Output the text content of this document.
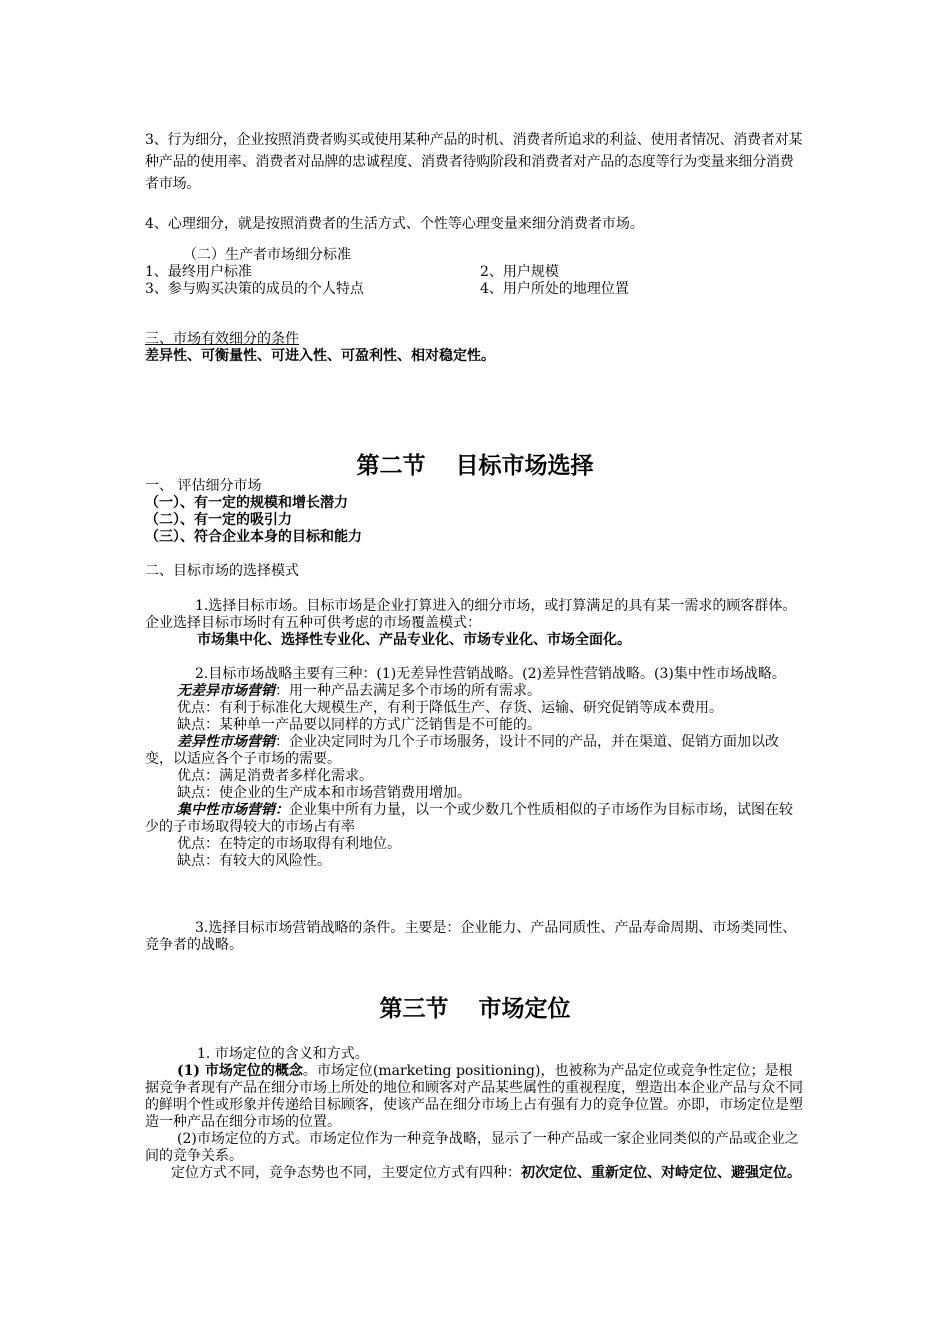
3、行为细分，企业按照消费者购买或使用某种产品的时机、消费者所追求的利益、使用者情况、消费者对某种产品的使用率、消费者对品牌的忠诚程度、消费者待购阶段和消费者对产品的态度等行为变量来细分消费者市场。

4、心理细分，就是按照消费者的生活方式、个性等心理变量来细分消费者市场。

（二）生产者市场细分标准

1、最终用户标准	2、用户规模
3、参与购买决策的成员的个人特点	4、用户所处的地理位置

三、市场有效细分的条件

差异性、可衡量性、可进入性、可盈利性、相对稳定性。

第二节 目标市场选择

一、 评估细分市场

（一）、有一定的规模和增长潜力

（二）、有一定的吸引力

（三）、符合企业本身的目标和能力

二、目标市场的选择模式

1.选择目标市场。目标市场是企业打算进入的细分市场，或打算满足的具有某一需求的顾客群体。企业选择目标市场时有五种可供考虑的市场覆盖模式：

市场集中化、选择性专业化、产品专业化、市场专业化、市场全面化。

2.目标市场战略主要有三种：(1)无差异性营销战略。(2)差异性营销战略。(3)集中性市场战略。

无差异市场营销：用一种产品去满足多个市场的所有需求。

优点：有利于标准化大规模生产，有利于降低生产、存货、运输、研究促销等成本费用。

缺点：某种单一产品要以同样的方式广泛销售是不可能的。

差异性市场营销：企业决定同时为几个子市场服务，设计不同的产品，并在渠道、促销方面加以改变，以适应各个子市场的需要。

优点：满足消费者多样化需求。

缺点：使企业的生产成本和市场营销费用增加。

集中性市场营销：企业集中所有力量，以一个或少数几个性质相似的子市场作为目标市场，试图在较少的子市场取得较大的市场占有率

优点：在特定的市场取得有利地位。

缺点：有较大的风险性。

3.选择目标市场营销战略的条件。主要是：企业能力、产品同质性、产品寿命周期、市场类同性、竞争者的战略。

第三节 市场定位

1. 市场定位的含义和方式。

(1) 市场定位的概念。市场定位(marketing positioning)，也被称为产品定位或竞争性定位；是根据竞争者现有产品在细分市场上所处的地位和顾客对产品某些属性的重视程度，塑造出本企业产品与众不同的鲜明个性或形象并传递给目标顾客，使该产品在细分市场上占有强有力的竞争位置。亦即，市场定位是塑造一种产品在细分市场的位置。

(2)市场定位的方式。市场定位作为一种竞争战略，显示了一种产品或一家企业同类似的产品或企业之间的竞争关系。

定位方式不同，竞争态势也不同，主要定位方式有四种：初次定位、重新定位、对峙定位、避强定位。
